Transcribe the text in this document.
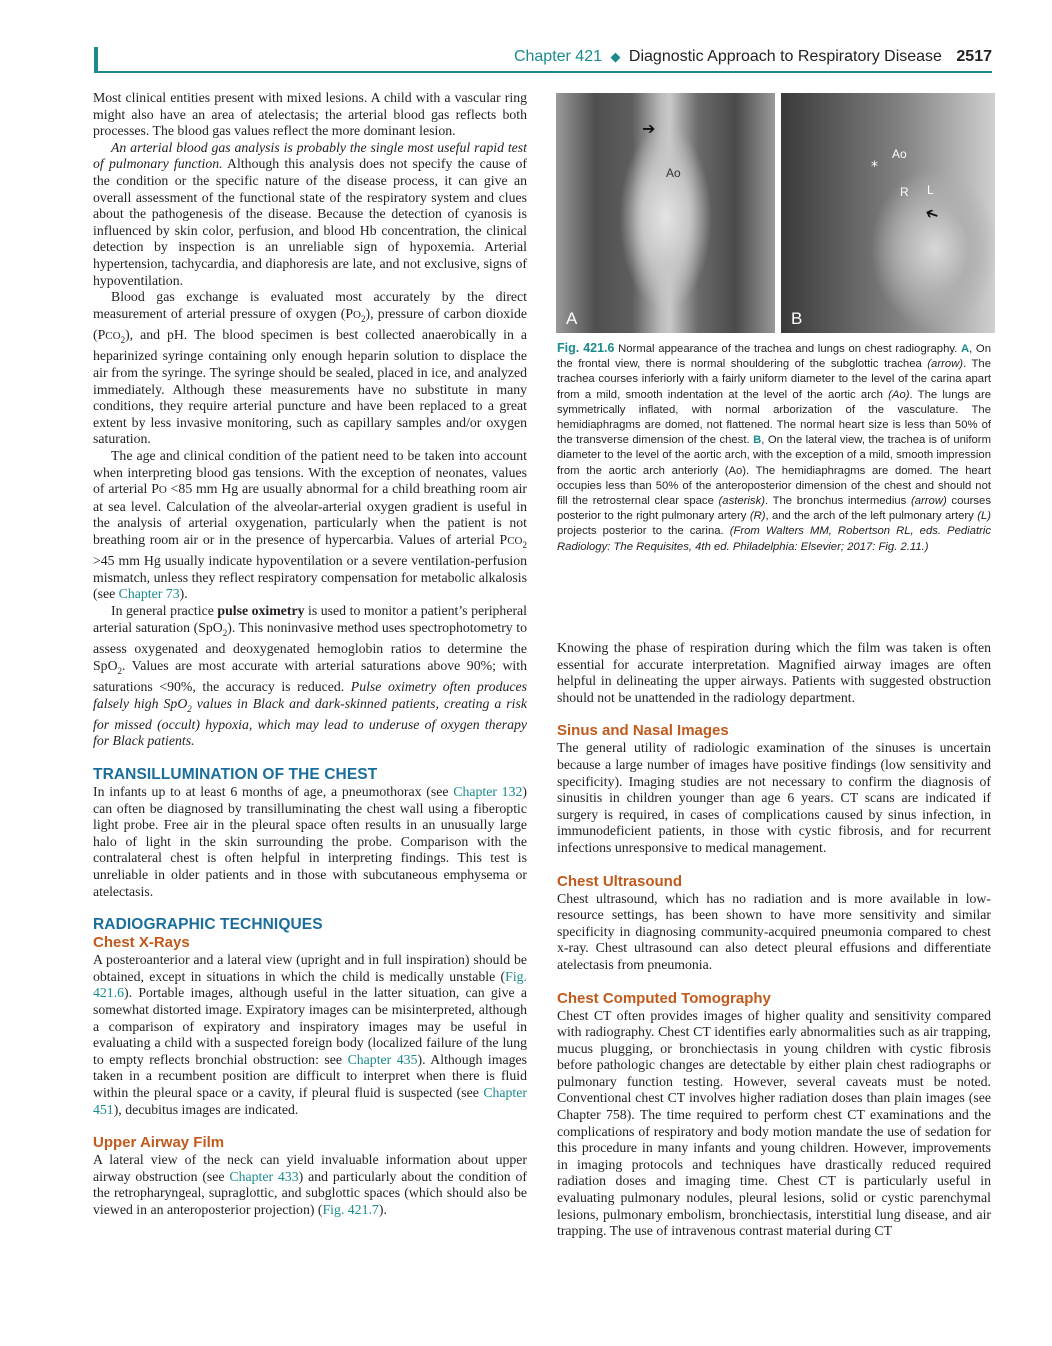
Chapter 421 ◆ Diagnostic Approach to Respiratory Disease 2517

Most clinical entities present with mixed lesions. A child with a vascular ring might also have an area of atelectasis; the arterial blood gas reflects both processes. The blood gas values reflect the more dominant lesion.

An arterial blood gas analysis is probably the single most useful rapid test of pulmonary function. Although this analysis does not specify the cause of the condition or the specific nature of the disease process, it can give an overall assessment of the functional state of the respiratory system and clues about the pathogenesis of the disease. Because the detection of cyanosis is influenced by skin color, perfusion, and blood Hb concentration, the clinical detection by inspection is an unreliable sign of hypoxemia. Arterial hypertension, tachycardia, and diaphoresis are late, and not exclusive, signs of hypoventilation.

Blood gas exchange is evaluated most accurately by the direct measurement of arterial pressure of oxygen $(PO_2)$, pressure of carbon dioxide $(PCO_2)$, and pH. The blood specimen is best collected anaerobically in a heparinized syringe containing only enough heparin solution to displace the air from the syringe. The syringe should be sealed, placed in ice, and analyzed immediately. Although these measurements have no substitute in many conditions, they require arterial puncture and have been replaced to a great extent by less invasive monitoring, such as capillary samples and/or oxygen saturation.

The age and clinical condition of the patient need to be taken into account when interpreting blood gas tensions. With the exception of neonates, values of arterial PO <85 mm Hg are usually abnormal for a child breathing room air at sea level. Calculation of the alveolar-arterial oxygen gradient is useful in the analysis of arterial oxygenation, particularly when the patient is not breathing room air or in the presence of hypercarbia. Values of arterial $PCO_2 >45$ mm Hg usually indicate hypoventilation or a severe ventilation-perfusion mismatch, unless they reflect respiratory compensation for metabolic alkalosis (see Chapter 73).

In general practice pulse oximetry is used to monitor a patient’s peripheral arterial saturation (SpO$_2$). This noninvasive method uses spectrophotometry to assess oxygenated and deoxygenated hemoglobin ratios to determine the SpO$_2$. Values are most accurate with arterial saturations above 90%; with saturations <90%, the accuracy is reduced. Pulse oximetry often produces falsely high SpO$_2$ values in Black and dark-skinned patients, creating a risk for missed (occult) hypoxia, which may lead to underuse of oxygen therapy for Black patients.

TRANSILLUMINATION OF THE CHEST

In infants up to at least 6 months of age, a pneumothorax (see Chapter 132) can often be diagnosed by transilluminating the chest wall using a fiberoptic light probe. Free air in the pleural space often results in an unusually large halo of light in the skin surrounding the probe. Comparison with the contralateral chest is often helpful in interpreting findings. This test is unreliable in older patients and in those with subcutaneous emphysema or atelectasis.

RADIOGRAPHIC TECHNIQUES
Chest X-Rays

A posteroanterior and a lateral view (upright and in full inspiration) should be obtained, except in situations in which the child is medically unstable (Fig. 421.6). Portable images, although useful in the latter situation, can give a somewhat distorted image. Expiratory images can be misinterpreted, although a comparison of expiratory and inspiratory images may be useful in evaluating a child with a suspected foreign body (localized failure of the lung to empty reflects bronchial obstruction: see Chapter 435). Although images taken in a recumbent position are difficult to interpret when there is fluid within the pleural space or a cavity, if pleural fluid is suspected (see Chapter 451), decubitus images are indicated.

Upper Airway Film

A lateral view of the neck can yield invaluable information about upper airway obstruction (see Chapter 433) and particularly about the condition of the retropharyngeal, supraglottic, and subglottic spaces (which should also be viewed in an anteroposterior projection) (Fig. 421.7).

➔
Ao
A
Ao
*
R L
➔
B
Fig. 421.6 Normal appearance of the trachea and lungs on chest radiography. A, On the frontal view, there is normal shouldering of the subglottic trachea (arrow). The trachea courses inferiorly with a fairly uniform diameter to the level of the carina apart from a mild, smooth indentation at the level of the aortic arch (Ao). The lungs are symmetrically inflated, with normal arborization of the vasculature. The hemidiaphragms are domed, not flattened. The normal heart size is less than 50% of the transverse dimension of the chest. B, On the lateral view, the trachea is of uniform diameter to the level of the aortic arch, with the exception of a mild, smooth impression from the aortic arch anteriorly (Ao). The hemidiaphragms are domed. The heart occupies less than 50% of the anteroposterior dimension of the chest and should not fill the retrosternal clear space (asterisk). The bronchus intermedius (arrow) courses posterior to the right pulmonary artery (R), and the arch of the left pulmonary artery (L) projects posterior to the carina. (From Walters MM, Robertson RL, eds. Pediatric Radiology: The Requisites, 4th ed. Philadelphia: Elsevier; 2017: Fig. 2.11.)

Knowing the phase of respiration during which the film was taken is often essential for accurate interpretation. Magnified airway images are often helpful in delineating the upper airways. Patients with suggested obstruction should not be unattended in the radiology department.

Sinus and Nasal Images

The general utility of radiologic examination of the sinuses is uncertain because a large number of images have positive findings (low sensitivity and specificity). Imaging studies are not necessary to confirm the diagnosis of sinusitis in children younger than age 6 years. CT scans are indicated if surgery is required, in cases of complications caused by sinus infection, in immunodeficient patients, in those with cystic fibrosis, and for recurrent infections unresponsive to medical management.

Chest Ultrasound

Chest ultrasound, which has no radiation and is more available in low-resource settings, has been shown to have more sensitivity and similar specificity in diagnosing community-acquired pneumonia compared to chest x-ray. Chest ultrasound can also detect pleural effusions and differentiate atelectasis from pneumonia.

Chest Computed Tomography

Chest CT often provides images of higher quality and sensitivity compared with radiography. Chest CT identifies early abnormalities such as air trapping, mucus plugging, or bronchiectasis in young children with cystic fibrosis before pathologic changes are detectable by either plain chest radiographs or pulmonary function testing. However, several caveats must be noted. Conventional chest CT involves higher radiation doses than plain images (see Chapter 758). The time required to perform chest CT examinations and the complications of respiratory and body motion mandate the use of sedation for this procedure in many infants and young children. However, improvements in imaging protocols and techniques have drastically reduced required radiation doses and imaging time. Chest CT is particularly useful in evaluating pulmonary nodules, pleural lesions, solid or cystic parenchymal lesions, pulmonary embolism, bronchiectasis, interstitial lung disease, and air trapping. The use of intravenous contrast material during CT
